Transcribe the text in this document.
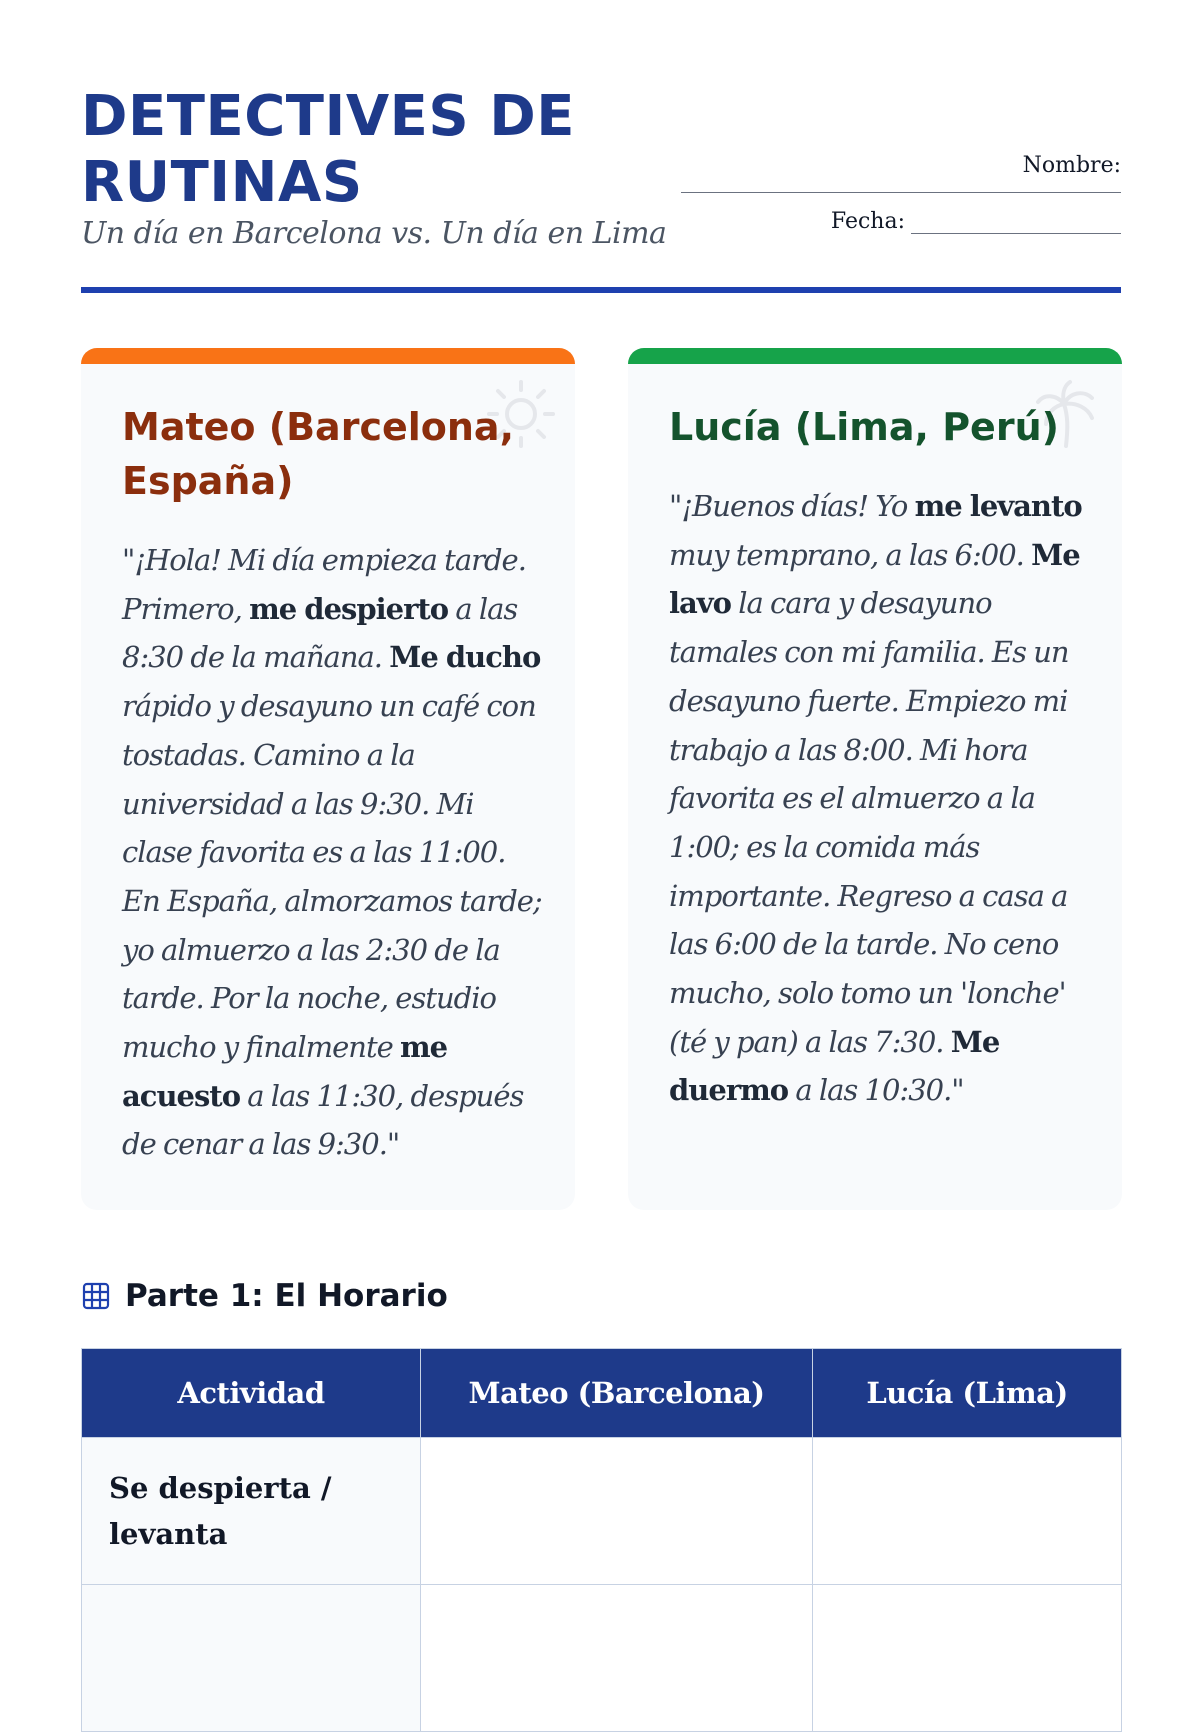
DETECTIVES DE RUTINAS
Un día en Barcelona vs. Un día en Lima
Nombre:
Fecha:
Mateo (Barcelona, España)
"¡Hola! Mi día empieza tarde. Primero, me despierto a las 8:30 de la mañana. Me ducho rápido y desayuno un café con tostadas. Camino a la universidad a las 9:30. Mi clase favorita es a las 11:00. En España, almorzamos tarde; yo almuerzo a las 2:30 de la tarde. Por la noche, estudio mucho y finalmente me acuesto a las 11:30, después de cenar a las 9:30."
Lucía (Lima, Perú)
"¡Buenos días! Yo me levanto muy temprano, a las 6:00. Me lavo la cara y desayuno tamales con mi familia. Es un desayuno fuerte. Empiezo mi trabajo a las 8:00. Mi hora favorita es el almuerzo a la 1:00; es la comida más importante. Regreso a casa a las 6:00 de la tarde. No ceno mucho, solo tomo un 'lonche' (té y pan) a las 7:30. Me duermo a las 10:30."
Parte 1: El Horario
Actividad	Mateo (Barcelona)	Lucía (Lima)
Se despierta / levanta		
